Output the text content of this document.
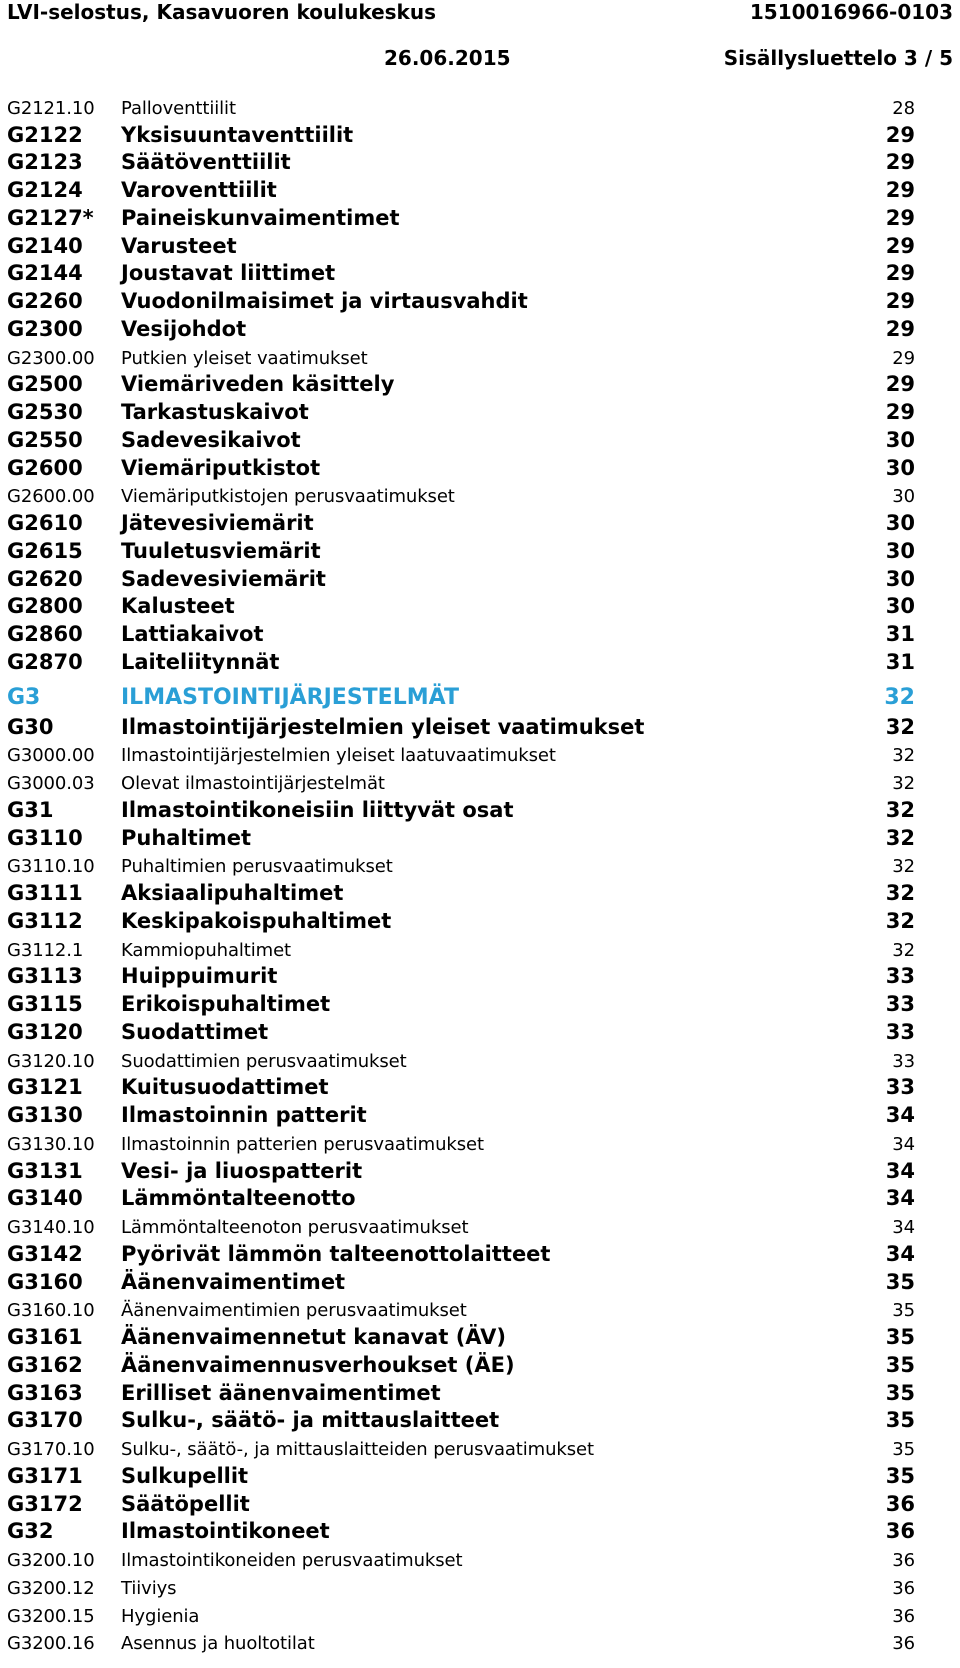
LVI-selostus, Kasavuoren koulukeskus	1510016966-0103
26.06.2015	Sisällysluettelo 3 / 5
G2121.10 Palloventtiilit	28
G2122 Yksisuuntaventtiilit	29
G2123 Säätöventtiilit	29
G2124 Varoventtiilit	29
G2127* Paineiskunvaimentimet	29
G2140 Varusteet	29
G2144 Joustavat liittimet	29
G2260 Vuodonilmaisimet ja virtausvahdit	29
G2300 Vesijohdot	29
G2300.00 Putkien yleiset vaatimukset	29
G2500 Viemäriveden käsittely	29
G2530 Tarkastuskaivot	29
G2550 Sadevesikaivot	30
G2600 Viemäriputkistot	30
G2600.00 Viemäriputkistojen perusvaatimukset	30
G2610 Jätevesiviemärit	30
G2615 Tuuletusviemärit	30
G2620 Sadevesiviemärit	30
G2800 Kalusteet	30
G2860 Lattiakaivot	31
G2870 Laiteliitynnät	31
G3	ILMASTOINTIJÄRJESTELMÄT	32
G30	Ilmastointijärjestelmien yleiset vaatimukset	32
G3000.00 Ilmastointijärjestelmien yleiset laatuvaatimukset	32
G3000.03 Olevat ilmastointijärjestelmät	32
G31	Ilmastointikoneisiin liittyvät osat	32
G3110 Puhaltimet	32
G3110.10 Puhaltimien perusvaatimukset	32
G3111 Aksiaalipuhaltimet	32
G3112 Keskipakoispuhaltimet	32
G3112.1 Kammiopuhaltimet	32
G3113 Huippuimurit	33
G3115 Erikoispuhaltimet	33
G3120 Suodattimet	33
G3120.10 Suodattimien perusvaatimukset	33
G3121 Kuitusuodattimet	33
G3130 Ilmastoinnin patterit	34
G3130.10 Ilmastoinnin patterien perusvaatimukset	34
G3131 Vesi- ja liuospatterit	34
G3140 Lämmöntalteenotto	34
G3140.10 Lämmöntalteenoton perusvaatimukset	34
G3142 Pyörivät lämmön talteenottolaitteet	34
G3160 Äänenvaimentimet	35
G3160.10 Äänenvaimentimien perusvaatimukset	35
G3161 Äänenvaimennetut kanavat (ÄV)	35
G3162 Äänenvaimennusverhoukset (ÄE)	35
G3163 Erilliset äänenvaimentimet	35
G3170 Sulku-, säätö- ja mittauslaitteet	35
G3170.10 Sulku-, säätö-, ja mittauslaitteiden perusvaatimukset	35
G3171 Sulkupellit	35
G3172 Säätöpellit	36
G32	Ilmastointikoneet	36
G3200.10 Ilmastointikoneiden perusvaatimukset	36
G3200.12 Tiiviys	36
G3200.15 Hygienia	36
G3200.16 Asennus ja huoltotilat	36
